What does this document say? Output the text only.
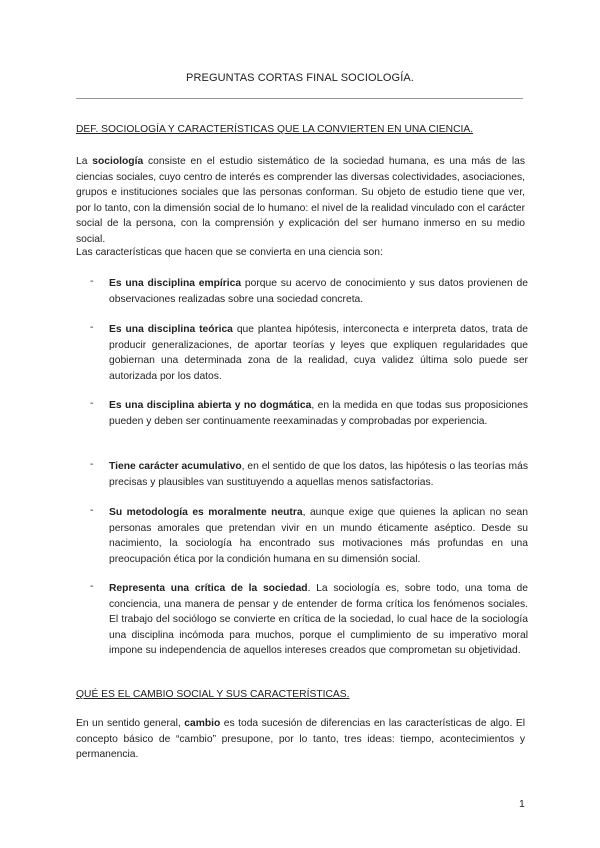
PREGUNTAS CORTAS FINAL SOCIOLOGÍA.
DEF. SOCIOLOGÍA Y CARACTERÍSTICAS QUE LA CONVIERTEN EN UNA CIENCIA.

La sociología consiste en el estudio sistemático de la sociedad humana, es una más de las ciencias sociales, cuyo centro de interés es comprender las diversas colectividades, asociaciones, grupos e instituciones sociales que las personas conforman. Su objeto de estudio tiene que ver, por lo tanto, con la dimensión social de lo humano: el nivel de la realidad vinculado con el carácter social de la persona, con la comprensión y explicación del ser humano inmerso en su medio social.

Las características que hacen que se convierta en una ciencia son:
- Es una disciplina empírica porque su acervo de conocimiento y sus datos provienen de observaciones realizadas sobre una sociedad concreta.

- Es una disciplina teórica que plantea hipótesis, interconecta e interpreta datos, trata de producir generalizaciones, de aportar teorías y leyes que expliquen regularidades que gobiernan una determinada zona de la realidad, cuya validez última solo puede ser autorizada por los datos.

- Es una disciplina abierta y no dogmática, en la medida en que todas sus proposiciones pueden y deben ser continuamente reexaminadas y comprobadas por experiencia.

- Tiene carácter acumulativo, en el sentido de que los datos, las hipótesis o las teorías más precisas y plausibles van sustituyendo a aquellas menos satisfactorias.

- Su metodología es moralmente neutra, aunque exige que quienes la aplican no sean personas amorales que pretendan vivir en un mundo éticamente aséptico. Desde su nacimiento, la sociología ha encontrado sus motivaciones más profundas en una preocupación ética por la condición humana en su dimensión social.

- Representa una crítica de la sociedad. La sociología es, sobre todo, una toma de conciencia, una manera de pensar y de entender de forma crítica los fenómenos sociales. El trabajo del sociólogo se convierte en crítica de la sociedad, lo cual hace de la sociología una disciplina incómoda para muchos, porque el cumplimiento de su imperativo moral impone su independencia de aquellos intereses creados que comprometan su objetividad.

QUÉ ES EL CAMBIO SOCIAL Y SUS CARACTERÍSTICAS.

En un sentido general, cambio es toda sucesión de diferencias en las características de algo. El concepto básico de “cambio” presupone, por lo tanto, tres ideas: tiempo, acontecimientos y permanencia.

1
